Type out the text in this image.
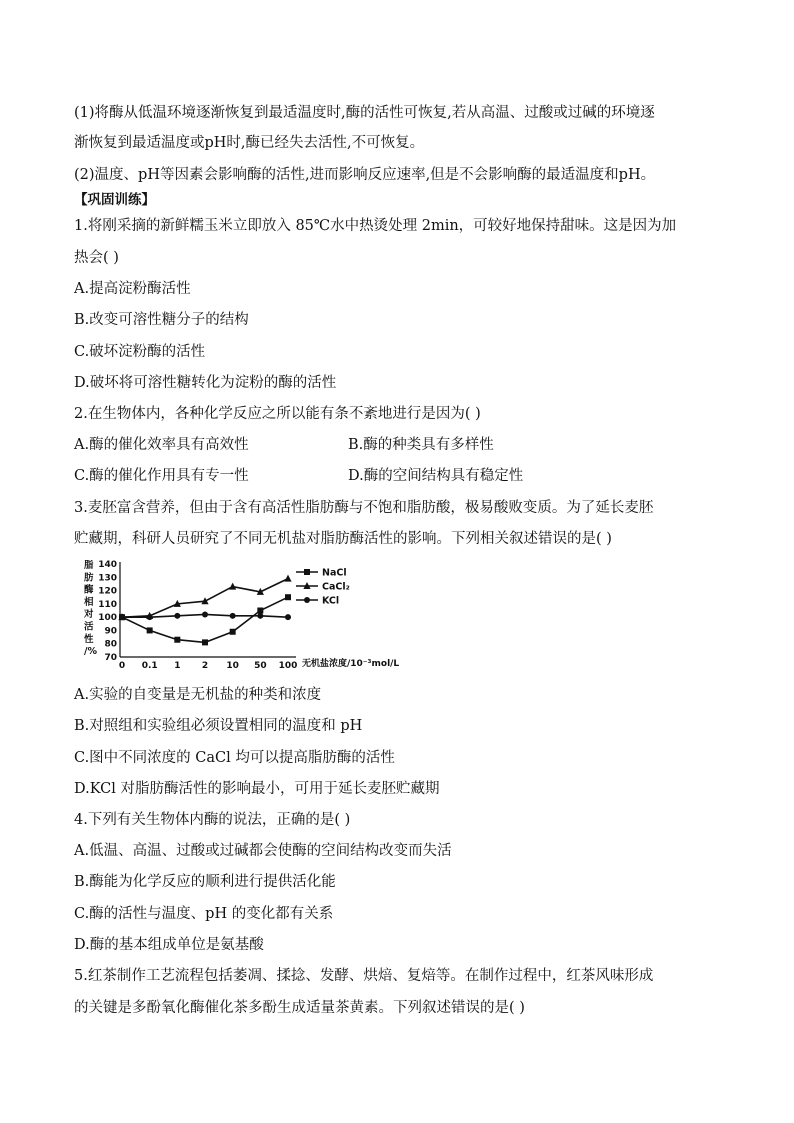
(1)将酶从低温环境逐渐恢复到最适温度时,酶的活性可恢复,若从高温、过酸或过碱的环境逐
渐恢复到最适温度或pH时,酶已经失去活性,不可恢复。
(2)温度、pH等因素会影响酶的活性,进而影响反应速率,但是不会影响酶的最适温度和pH。
【巩固训练】
1.将刚采摘的新鲜糯玉米立即放入 85℃水中热烫处理 2min，可较好地保持甜味。这是因为加
热会( )
A.提高淀粉酶活性
B.改变可溶性糖分子的结构
C.破坏淀粉酶的活性
D.破坏将可溶性糖转化为淀粉的酶的活性
2.在生物体内，各种化学反应之所以能有条不紊地进行是因为( )
A.酶的催化效率具有高效性	B.酶的种类具有多样性
C.酶的催化作用具有专一性	D.酶的空间结构具有稳定性
3.麦胚富含营养，但由于含有高活性脂肪酶与不饱和脂肪酸，极易酸败变质。为了延长麦胚
贮藏期，科研人员研究了不同无机盐对脂肪酶活性的影响。下列相关叙述错误的是( )
脂
肪
酶
相
对
活
性
/%
70
80
90
100
110
120
130
140
0 0.1 1 2 10 50 100 无机盐浓度/10⁻³mol/L
NaCl
CaCl₂
KCl
A.实验的自变量是无机盐的种类和浓度
B.对照组和实验组必须设置相同的温度和 pH
C.图中不同浓度的 CaCl 均可以提高脂肪酶的活性
D.KCl 对脂肪酶活性的影响最小，可用于延长麦胚贮藏期
4.下列有关生物体内酶的说法，正确的是( )
A.低温、高温、过酸或过碱都会使酶的空间结构改变而失活
B.酶能为化学反应的顺利进行提供活化能
C.酶的活性与温度、pH 的变化都有关系
D.酶的基本组成单位是氨基酸
5.红茶制作工艺流程包括萎凋、揉捻、发酵、烘焙、复焙等。在制作过程中，红茶风味形成
的关键是多酚氧化酶催化茶多酚生成适量茶黄素。下列叙述错误的是( )
